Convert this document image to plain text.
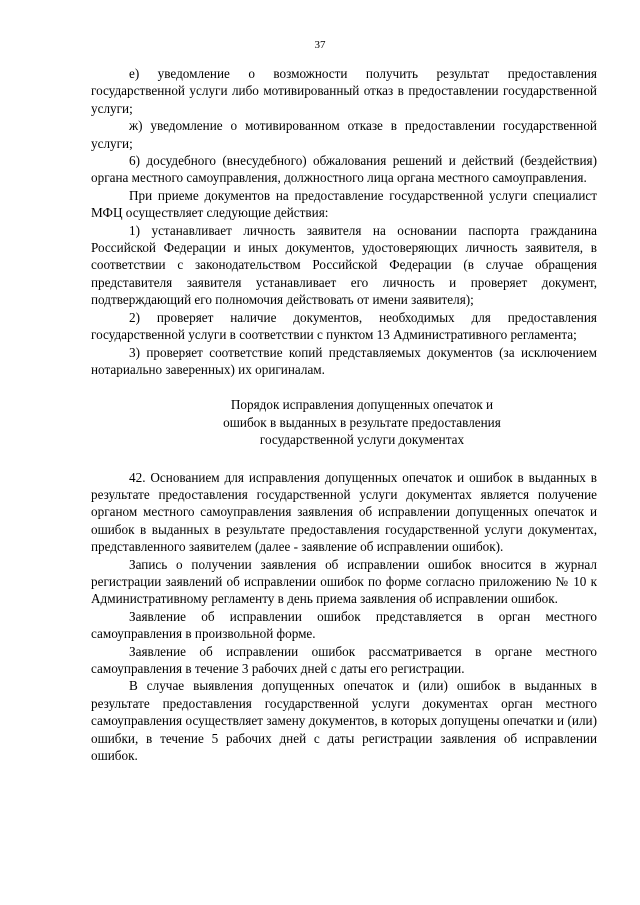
37

е) уведомление о возможности получить результат предоставления государственной услуги либо мотивированный отказ в предоставлении государственной услуги;

ж) уведомление о мотивированном отказе в предоставлении государственной услуги;

6) досудебного (внесудебного) обжалования решений и действий (бездействия) органа местного самоуправления, должностного лица органа местного самоуправления.

При приеме документов на предоставление государственной услуги специалист МФЦ осуществляет следующие действия:

1) устанавливает личность заявителя на основании паспорта гражданина Российской Федерации и иных документов, удостоверяющих личность заявителя, в соответствии с законодательством Российской Федерации (в случае обращения представителя заявителя устанавливает его личность и проверяет документ, подтверждающий его полномочия действовать от имени заявителя);

2) проверяет наличие документов, необходимых для предоставления государственной услуги в соответствии с пунктом 13 Административного регламента;

3) проверяет соответствие копий представляемых документов (за исключением нотариально заверенных) их оригиналам.

Порядок исправления допущенных опечаток и

ошибок в выданных в результате предоставления

государственной услуги документах

42. Основанием для исправления допущенных опечаток и ошибок в выданных в результате предоставления государственной услуги документах является получение органом местного самоуправления заявления об исправлении допущенных опечаток и ошибок в выданных в результате предоставления государственной услуги документах, представленного заявителем (далее - заявление об исправлении ошибок).

Запись о получении заявления об исправлении ошибок вносится в журнал регистрации заявлений об исправлении ошибок по форме согласно приложению № 10 к Административному регламенту в день приема заявления об исправлении ошибок.

Заявление об исправлении ошибок представляется в орган местного самоуправления в произвольной форме.

Заявление об исправлении ошибок рассматривается в органе местного самоуправления в течение 3 рабочих дней с даты его регистрации.

В случае выявления допущенных опечаток и (или) ошибок в выданных в результате предоставления государственной услуги документах орган местного самоуправления осуществляет замену документов, в которых допущены опечатки и (или) ошибки, в течение 5 рабочих дней с даты регистрации заявления об исправлении ошибок.
